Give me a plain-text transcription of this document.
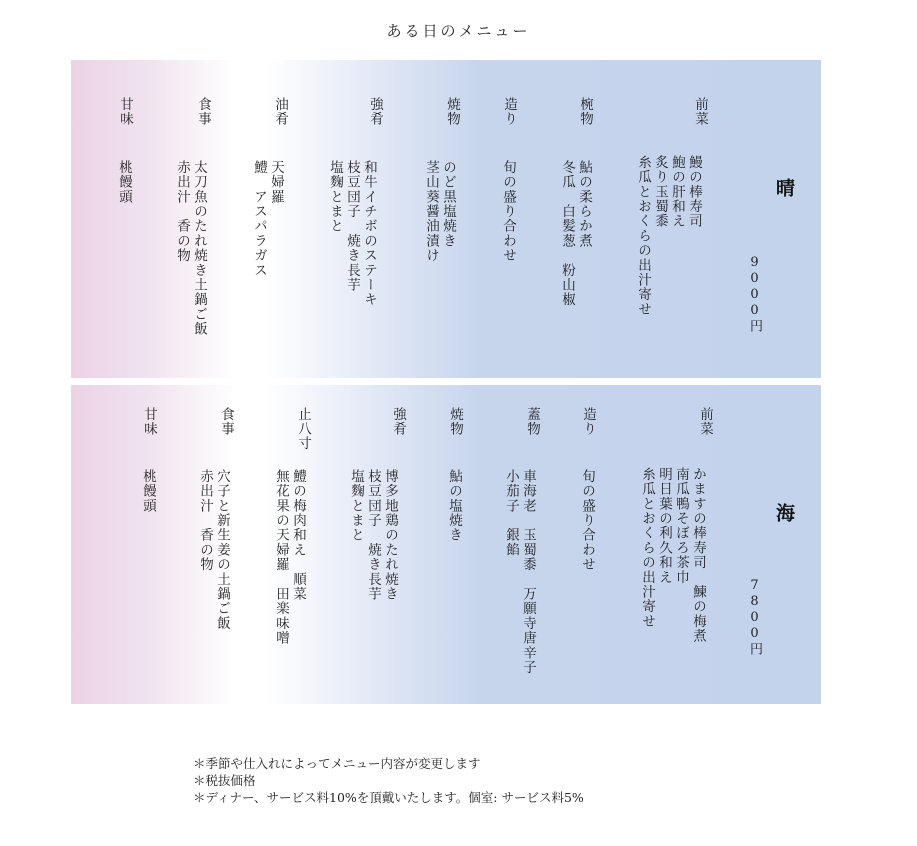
ある日のメニュー
晴
9000円
前菜
鰻の棒寿司
鮑の肝和え
炙り玉蜀黍
糸瓜とおくらの出汁寄せ
椀物
鮎の柔らか煮
冬瓜　白髪葱　粉山椒
造り
旬の盛り合わせ
焼物
のど黒塩焼き
茎山葵醤油漬け
強肴
和牛イチボのステーキ
枝豆団子　焼き長芋
塩麴とまと
油肴
天婦羅
鱧　アスパラガス
食事
太刀魚のたれ焼き土鍋ご飯
赤出汁　香の物
甘味
桃饅頭
海
7800円
前菜
かますの棒寿司　鰊の梅煮
南瓜鴨そぼろ茶巾
明日葉の利久和え
糸瓜とおくらの出汁寄せ
造り
旬の盛り合わせ
蓋物
車海老　玉蜀黍　万願寺唐辛子
小茄子　銀餡
焼物
鮎の塩焼き
強肴
博多地鶏のたれ焼き
枝豆団子　焼き長芋
塩麴とまと
止八寸
鱧の梅肉和え　順菜
無花果の天婦羅　田楽味噌
食事
穴子と新生姜の土鍋ご飯
赤出汁　香の物
甘味
桃饅頭
＊季節や仕入れによってメニュー内容が変更します
＊税抜価格
＊ディナー、サービス料10%を頂戴いたします。個室: サービス料5%
